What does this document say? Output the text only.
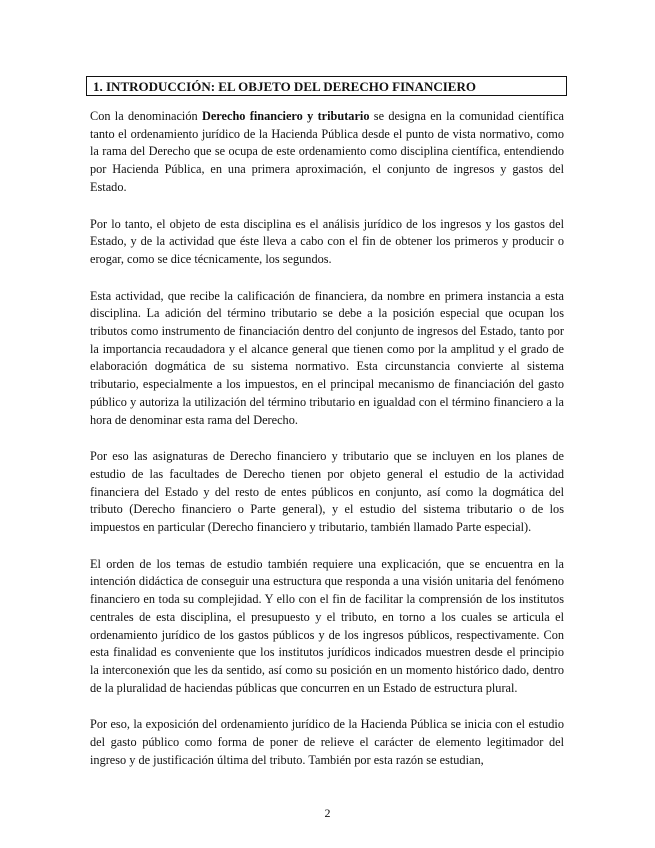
1. INTRODUCCIÓN: EL OBJETO DEL DERECHO FINANCIERO

Con la denominación Derecho financiero y tributario se designa en la comunidad científica tanto el ordenamiento jurídico de la Hacienda Pública desde el punto de vista normativo, como la rama del Derecho que se ocupa de este ordenamiento como disciplina científica, entendiendo por Hacienda Pública, en una primera aproximación, el conjunto de ingresos y gastos del Estado.

Por lo tanto, el objeto de esta disciplina es el análisis jurídico de los ingresos y los gastos del Estado, y de la actividad que éste lleva a cabo con el fin de obtener los primeros y producir o erogar, como se dice técnicamente, los segundos.

Esta actividad, que recibe la calificación de financiera, da nombre en primera instancia a esta disciplina. La adición del término tributario se debe a la posición especial que ocupan los tributos como instrumento de financiación dentro del conjunto de ingresos del Estado, tanto por la importancia recaudadora y el alcance general que tienen como por la amplitud y el grado de elaboración dogmática de su sistema normativo. Esta circunstancia convierte al sistema tributario, especialmente a los impuestos, en el principal mecanismo de financiación del gasto público y autoriza la utilización del término tributario en igualdad con el término financiero a la hora de denominar esta rama del Derecho.

Por eso las asignaturas de Derecho financiero y tributario que se incluyen en los planes de estudio de las facultades de Derecho tienen por objeto general el estudio de la actividad financiera del Estado y del resto de entes públicos en conjunto, así como la dogmática del tributo (Derecho financiero o Parte general), y el estudio del sistema tributario o de los impuestos en particular (Derecho financiero y tributario, también llamado Parte especial).

El orden de los temas de estudio también requiere una explicación, que se encuentra en la intención didáctica de conseguir una estructura que responda a una visión unitaria del fenómeno financiero en toda su complejidad. Y ello con el fin de facilitar la comprensión de los institutos centrales de esta disciplina, el presupuesto y el tributo, en torno a los cuales se articula el ordenamiento jurídico de los gastos públicos y de los ingresos públicos, respectivamente. Con esta finalidad es conveniente que los institutos jurídicos indicados muestren desde el principio la interconexión que les da sentido, así como su posición en un momento histórico dado, dentro de la pluralidad de haciendas públicas que concurren en un Estado de estructura plural.

Por eso, la exposición del ordenamiento jurídico de la Hacienda Pública se inicia con el estudio del gasto público como forma de poner de relieve el carácter de elemento legitimador del ingreso y de justificación última del tributo. También por esta razón se estudian,

2
